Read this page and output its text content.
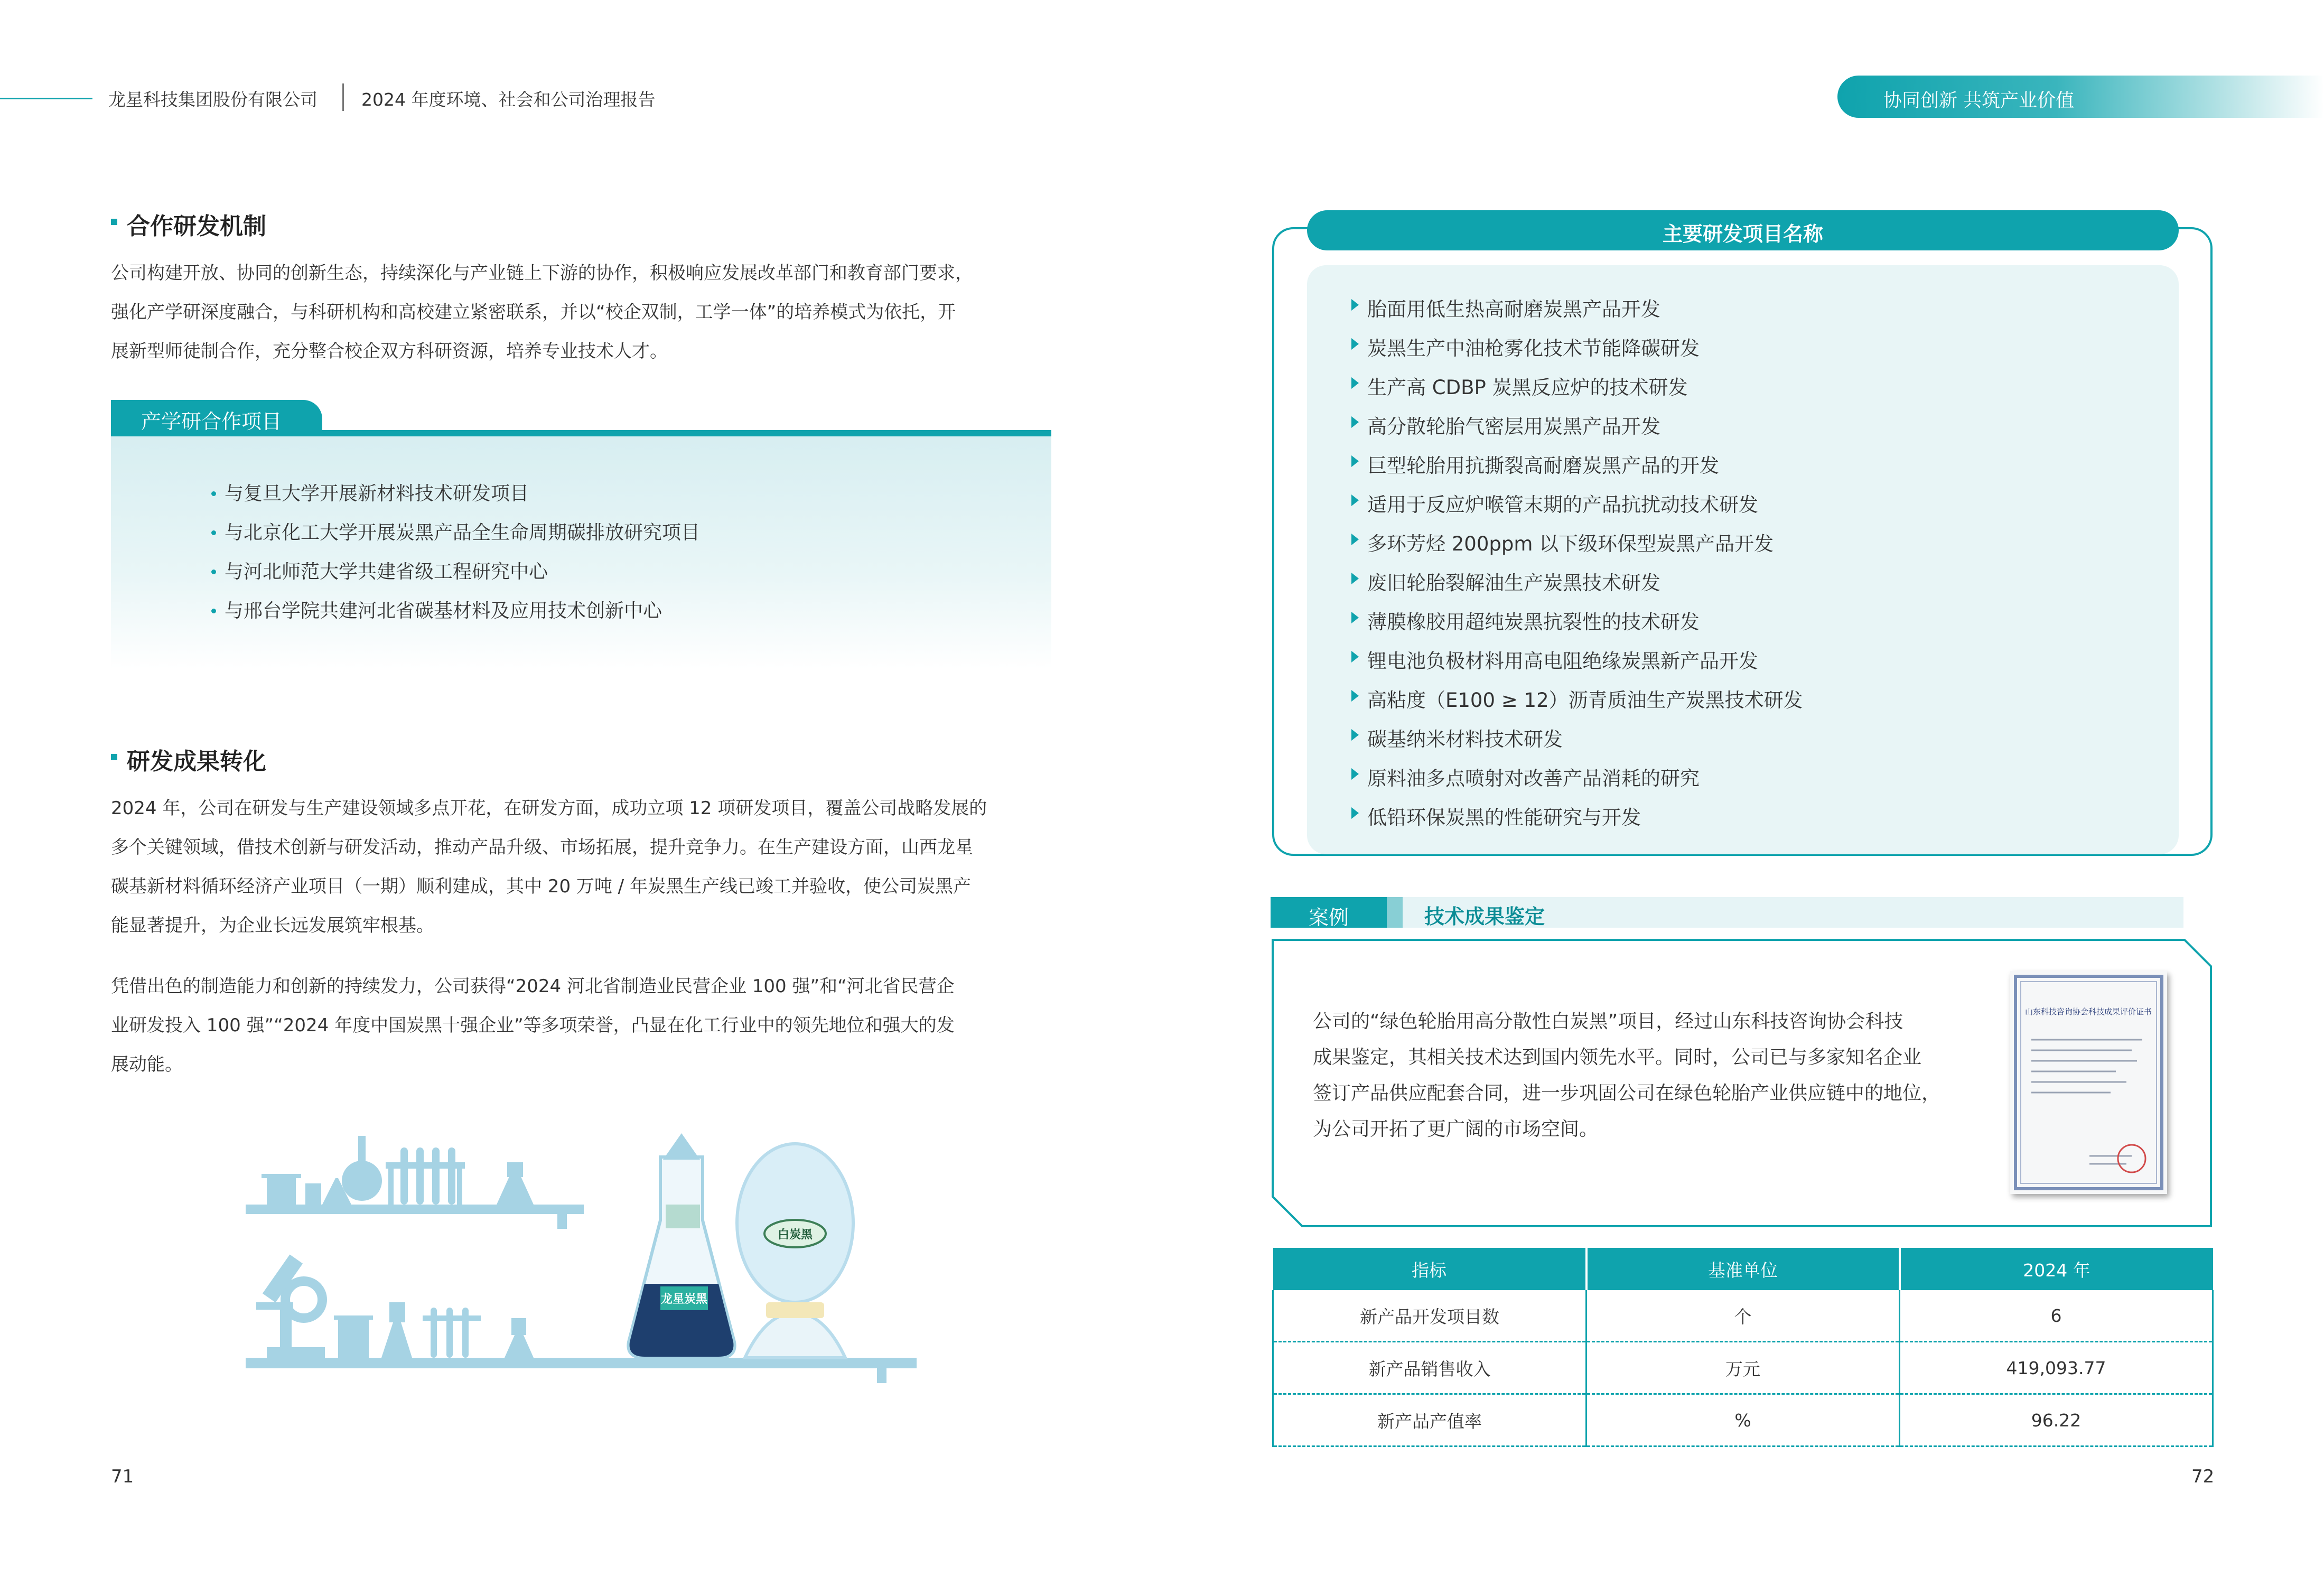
龙星科技集团股份有限公司	2024 年度环境、社会和公司治理报告	协同创新 共筑产业价值
合作研发机制
公司构建开放、协同的创新生态，持续深化与产业链上下游的协作，积极响应发展改革部门和教育部门要求，
强化产学研深度融合，与科研机构和高校建立紧密联系，并以“校企双制，工学一体”的培养模式为依托，开
展新型师徒制合作，充分整合校企双方科研资源，培养专业技术人才。
产学研合作项目
与复旦大学开展新材料技术研发项目
与北京化工大学开展炭黑产品全生命周期碳排放研究项目
与河北师范大学共建省级工程研究中心
与邢台学院共建河北省碳基材料及应用技术创新中心
研发成果转化
2024 年，公司在研发与生产建设领域多点开花，在研发方面，成功立项 12 项研发项目，覆盖公司战略发展的
多个关键领域，借技术创新与研发活动，推动产品升级、市场拓展，提升竞争力。在生产建设方面，山西龙星
碳基新材料循环经济产业项目（一期）顺利建成，其中 20 万吨 / 年炭黑生产线已竣工并验收，使公司炭黑产
能显著提升，为企业长远发展筑牢根基。
凭借出色的制造能力和创新的持续发力，公司获得“2024 河北省制造业民营企业 100 强”和“河北省民营企
业研发投入 100 强”“2024 年度中国炭黑十强企业”等多项荣誉，凸显在化工行业中的领先地位和强大的发
展动能。
龙星炭黑
白炭黑
71
主要研发项目名称
胎面用低生热高耐磨炭黑产品开发
炭黑生产中油枪雾化技术节能降碳研发
生产高 CDBP 炭黑反应炉的技术研发
高分散轮胎气密层用炭黑产品开发
巨型轮胎用抗撕裂高耐磨炭黑产品的开发
适用于反应炉喉管末期的产品抗扰动技术研发
多环芳烃 200ppm 以下级环保型炭黑产品开发
废旧轮胎裂解油生产炭黑技术研发
薄膜橡胶用超纯炭黑抗裂性的技术研发
锂电池负极材料用高电阻绝缘炭黑新产品开发
高粘度（E100 ≥ 12）沥青质油生产炭黑技术研发
碳基纳米材料技术研发
原料油多点喷射对改善产品消耗的研究
低铅环保炭黑的性能研究与开发
案例	技术成果鉴定
公司的“绿色轮胎用高分散性白炭黑”项目，经过山东科技咨询协会科技
成果鉴定，其相关技术达到国内领先水平。同时，公司已与多家知名企业
签订产品供应配套合同，进一步巩固公司在绿色轮胎产业供应链中的地位，
为公司开拓了更广阔的市场空间。
山东科技咨询协会科技成果评价证书
指标	基准单位	2024 年
新产品开发项目数	个	6
新产品销售收入	万元	419,093.77
新产品产值率	%	96.22
72
